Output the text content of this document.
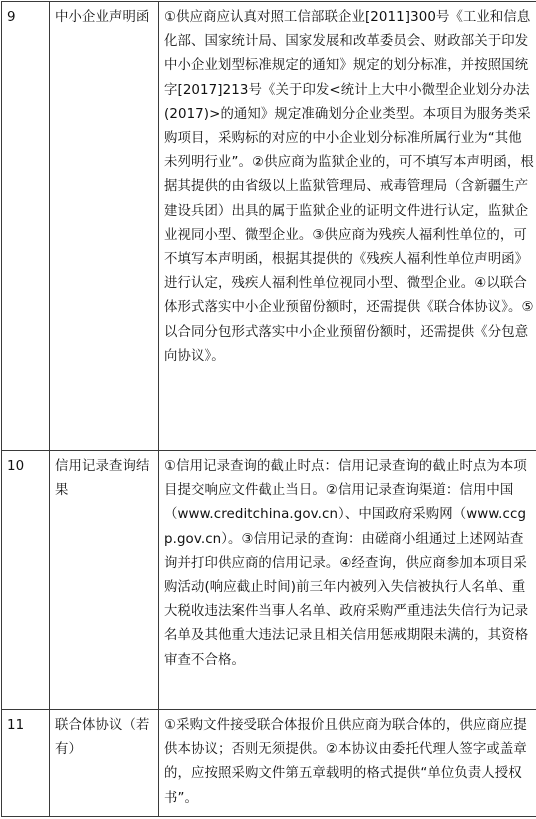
9	中小企业声明函	①供应商应认真对照工信部联企业[2011]300号《工业和信息化部、国家统计局、国家发展和改革委员会、财政部关于印发中小企业划型标准规定的通知》规定的划分标准，并按照国统字[2017]213号《关于印发<统计上大中小微型企业划分办法(2017)>的通知》规定准确划分企业类型。本项目为服务类采购项目，采购标的对应的中小企业划分标准所属行业为“其他未列明行业”。②供应商为监狱企业的，可不填写本声明函，根据其提供的由省级以上监狱管理局、戒毒管理局（含新疆生产建设兵团）出具的属于监狱企业的证明文件进行认定，监狱企业视同小型、微型企业。③供应商为残疾人福利性单位的，可不填写本声明函，根据其提供的《残疾人福利性单位声明函》进行认定，残疾人福利性单位视同小型、微型企业。④以联合体形式落实中小企业预留份额时，还需提供《联合体协议》。⑤以合同分包形式落实中小企业预留份额时，还需提供《分包意向协议》。
10	信用记录查询结果	①信用记录查询的截止时点：信用记录查询的截止时点为本项目提交响应文件截止当日。②信用记录查询渠道：信用中国（www.creditchina.gov.cn）、中国政府采购网（www.ccgp.gov.cn）。③信用记录的查询：由磋商小组通过上述网站查询并打印供应商的信用记录。④经查询，供应商参加本项目采购活动(响应截止时间)前三年内被列入失信被执行人名单、重大税收违法案件当事人名单、政府采购严重违法失信行为记录名单及其他重大违法记录且相关信用惩戒期限未满的，其资格审查不合格。
11	联合体协议（若有）	①采购文件接受联合体报价且供应商为联合体的，供应商应提供本协议；否则无须提供。②本协议由委托代理人签字或盖章的，应按照采购文件第五章载明的格式提供“单位负责人授权书”。
